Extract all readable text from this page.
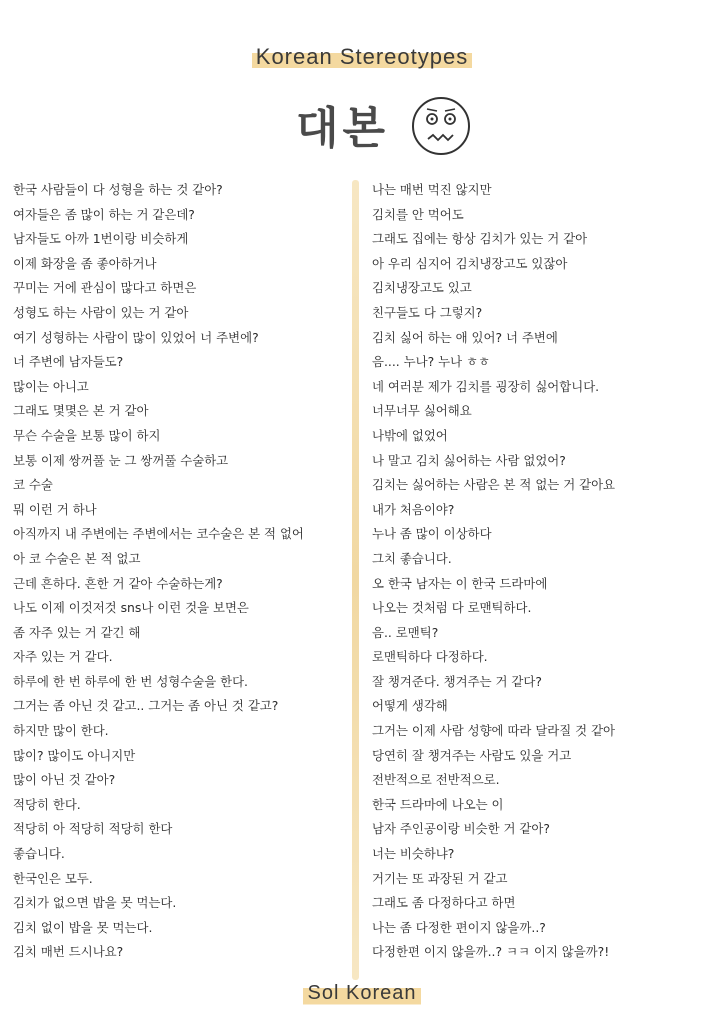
Korean Stereotypes
대본
한국 사람들이 다 성형을 하는 것 같아?
여자들은 좀 많이 하는 거 같은데?
남자들도 아까 1번이랑 비슷하게
이제 화장을 좀 좋아하거나
꾸미는 거에 관심이 많다고 하면은
성형도 하는 사람이 있는 거 같아
여기 성형하는 사람이 많이 있었어 너 주변에?
너 주변에 남자들도?
많이는 아니고
그래도 몇몇은 본 거 같아
무슨 수술을 보통 많이 하지
보통 이제 쌍꺼풀 눈 그 쌍꺼풀 수술하고
코 수술
뭐 이런 거 하나
아직까지 내 주변에는 주변에서는 코수술은 본 적 없어
아 코 수술은 본 적 없고
근데 흔하다. 흔한 거 같아 수술하는게?
나도 이제 이것저것 sns나 이런 것을 보면은
좀 자주 있는 거 같긴 해
자주 있는 거 같다.
하루에 한 번 하루에 한 번 성형수술을 한다.
그거는 좀 아닌 것 같고.. 그거는 좀 아닌 것 같고?
하지만 많이 한다.
많이? 많이도 아니지만
많이 아닌 것 같아?
적당히 한다.
적당히 아 적당히 적당히 한다
좋습니다.
한국인은 모두.
김치가 없으면 밥을 못 먹는다.
김치 없이 밥을 못 먹는다.
김치 매번 드시나요?
나는 매번 먹진 않지만
김치를 안 먹어도
그래도 집에는 항상 김치가 있는 거 같아
아 우리 심지어 김치냉장고도 있잖아
김치냉장고도 있고
친구들도 다 그렇지?
김치 싫어 하는 애 있어? 너 주변에
음.... 누나? 누나 ㅎㅎ
네 여러분 제가 김치를 굉장히 싫어합니다.
너무너무 싫어해요
나밖에 없었어
나 말고 김치 싫어하는 사람 없었어?
김치는 싫어하는 사람은 본 적 없는 거 같아요
내가 처음이야?
누나 좀 많이 이상하다
그치 좋습니다.
오 한국 남자는 이 한국 드라마에
나오는 것처럼 다 로맨틱하다.
음.. 로맨틱?
로맨틱하다 다정하다.
잘 챙겨준다. 챙겨주는 거 같다?
어떻게 생각해
그거는 이제 사람 성향에 따라 달라질 것 같아
당연히 잘 챙겨주는 사람도 있을 거고
전반적으로 전반적으로.
한국 드라마에 나오는 이
남자 주인공이랑 비슷한 거 같아?
너는 비슷하냐?
거기는 또 과장된 거 같고
그래도 좀 다정하다고 하면
나는 좀 다정한 편이지 않을까..?
다정한편 이지 않을까..? ㅋㅋ 이지 않을까?!
Sol Korean
